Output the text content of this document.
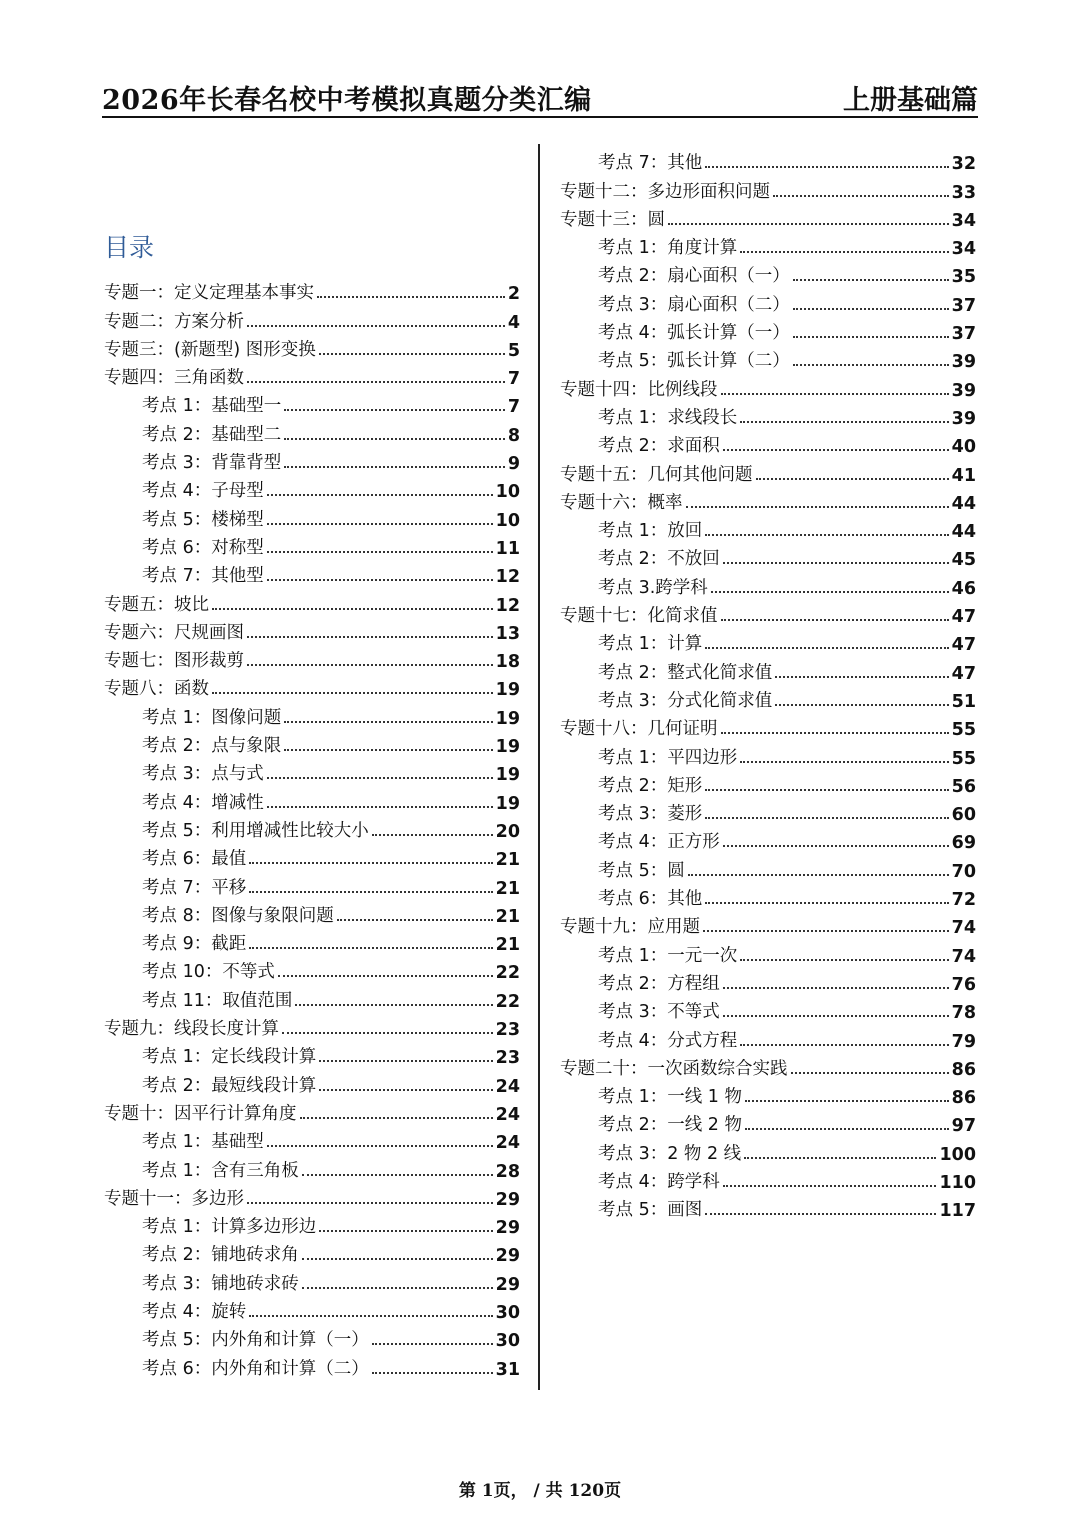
2026年长春名校中考模拟真题分类汇编	上册基础篇
目录
专题一：定义定理基本事实	2
专题二：方案分析	4
专题三：(新题型) 图形变换	5
专题四：三角函数	7
考点 1：基础型一	7
考点 2：基础型二	8
考点 3：背靠背型	9
考点 4：子母型	10
考点 5：楼梯型	10
考点 6：对称型	11
考点 7：其他型	12
专题五：坡比	12
专题六：尺规画图	13
专题七：图形裁剪	18
专题八：函数	19
考点 1：图像问题	19
考点 2：点与象限	19
考点 3：点与式	19
考点 4：增减性	19
考点 5：利用增减性比较大小	20
考点 6：最值	21
考点 7：平移	21
考点 8：图像与象限问题	21
考点 9：截距	21
考点 10：不等式	22
考点 11：取值范围	22
专题九：线段长度计算	23
考点 1：定长线段计算	23
考点 2：最短线段计算	24
专题十：因平行计算角度	24
考点 1：基础型	24
考点 1：含有三角板	28
专题十一：多边形	29
考点 1：计算多边形边	29
考点 2：铺地砖求角	29
考点 3：铺地砖求砖	29
考点 4：旋转	30
考点 5：内外角和计算（一）	30
考点 6：内外角和计算（二）	31
考点 7：其他	32
专题十二：多边形面积问题	33
专题十三：圆	34
考点 1：角度计算	34
考点 2：扇心面积（一）	35
考点 3：扇心面积（二）	37
考点 4：弧长计算（一）	37
考点 5：弧长计算（二）	39
专题十四：比例线段	39
考点 1：求线段长	39
考点 2：求面积	40
专题十五：几何其他问题	41
专题十六：概率	44
考点 1：放回	44
考点 2：不放回	45
考点 3.跨学科	46
专题十七：化简求值	47
考点 1：计算	47
考点 2：整式化简求值	47
考点 3：分式化简求值	51
专题十八：几何证明	55
考点 1：平四边形	55
考点 2：矩形	56
考点 3：菱形	60
考点 4：正方形	69
考点 5：圆	70
考点 6：其他	72
专题十九：应用题	74
考点 1：一元一次	74
考点 2：方程组	76
考点 3：不等式	78
考点 4：分式方程	79
专题二十：一次函数综合实践	86
考点 1：一线 1 物	86
考点 2：一线 2 物	97
考点 3：2 物 2 线	100
考点 4：跨学科	110
考点 5：画图	117
第 1页， / 共 120页
